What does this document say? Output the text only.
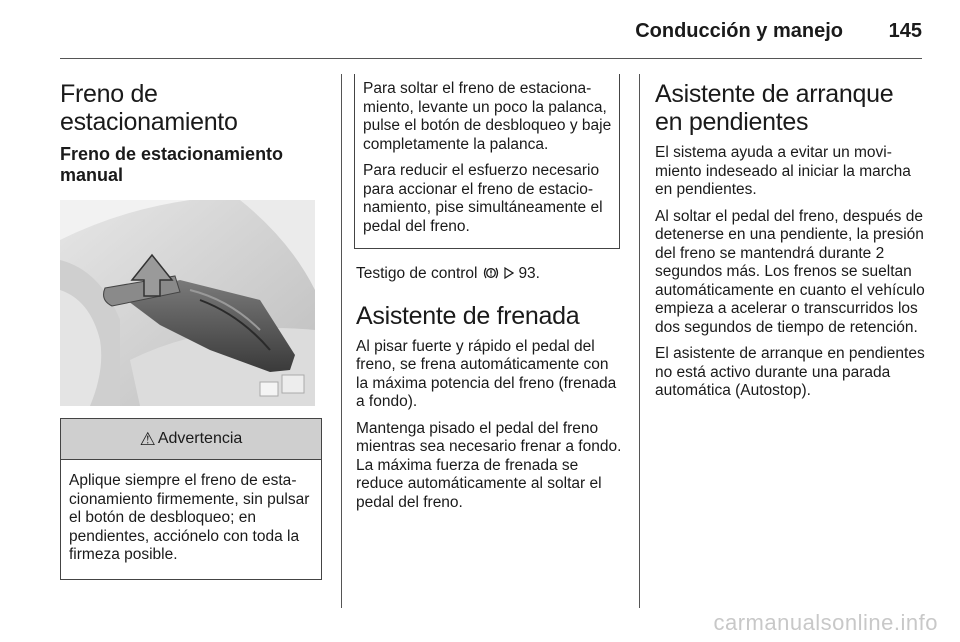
Conducción y manejo 145
Freno de estacionamiento
Freno de estacionamiento manual
⚠ Advertencia

Aplique siempre el freno de estacionamiento firmemente, sin pulsar el botón de desbloqueo; en pendientes, acciónelo con toda la firmeza posible.

Para soltar el freno de estacionamiento, levante un poco la palanca, pulse el botón de desbloqueo y baje completamente la palanca.

Para reducir el esfuerzo necesario para accionar el freno de estacionamiento, pise simultáneamente el pedal del freno.

Testigo de control	93.

Asistente de frenada

Al pisar fuerte y rápido el pedal del freno, se frena automáticamente con la máxima potencia del freno (frenada a fondo).

Mantenga pisado el pedal del freno mientras sea necesario frenar a fondo. La máxima fuerza de frenada se reduce automáticamente al soltar el pedal del freno.

Asistente de arranque en pendientes

El sistema ayuda a evitar un movimiento indeseado al iniciar la marcha en pendientes.

Al soltar el pedal del freno, después de detenerse en una pendiente, la presión del freno se mantendrá durante 2 segundos más. Los frenos se sueltan automáticamente en cuanto el vehículo empieza a acelerar o transcurridos los dos segundos de tiempo de retención.

El asistente de arranque en pendientes no está activo durante una parada automática (Autostop).

carmanualsonline.info
